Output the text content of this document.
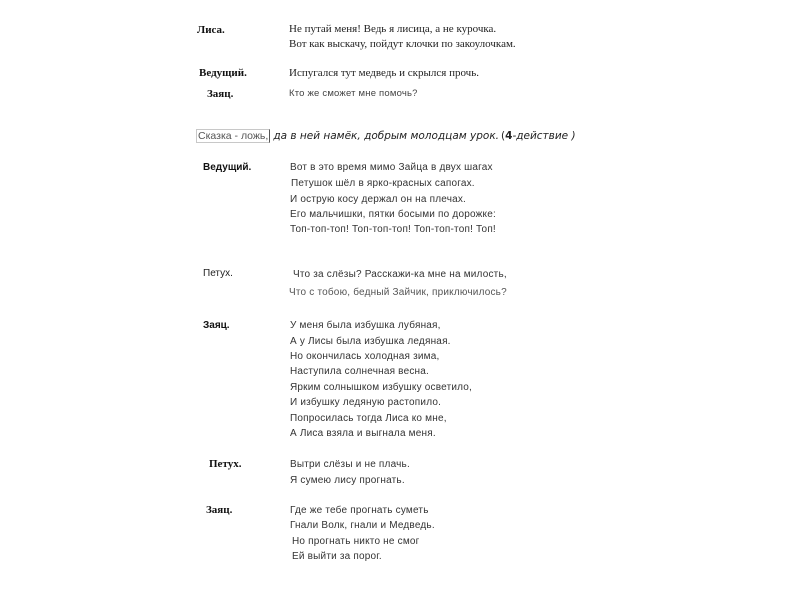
Лиса.	Не путай меня! Ведь я лисица, а не курочка.
Вот как выскачу, пойдут клочки по закоулочкам.
Ведущий.	Испугался тут медведь и скрылся прочь.
Заяц.	Кто же сможет мне помочь?
Сказка - ложь, да в ней намёк, добрым молодцам урок. (4-действие )
Ведущий.	Вот в это время мимо Зайца в двух шагах
Петушок шёл в ярко-красных сапогах.
И острую косу держал он на плечах.
Его мальчишки, пятки босыми по дорожке:
Топ-топ-топ! Топ-топ-топ! Топ-топ-топ! Топ!
Петух.	Что за слёзы? Расскажи-ка мне на милость,
Что с тобою, бедный Зайчик, приключилось?
Заяц.	У меня была избушка лубяная,
А у Лисы была избушка ледяная.
Но окончилась холодная зима,
Наступила солнечная весна.
Ярким солнышком избушку осветило,
И избушку ледяную растопило.
Попросилась тогда Лиса ко мне,
А Лиса взяла и выгнала меня.
Петух.	Вытри слёзы и не плачь.
Я сумею лису прогнать.
Заяц.	Где же тебе прогнать суметь
Гнали Волк, гнали и Медведь.
Но прогнать никто не смог
Ей выйти за порог.
